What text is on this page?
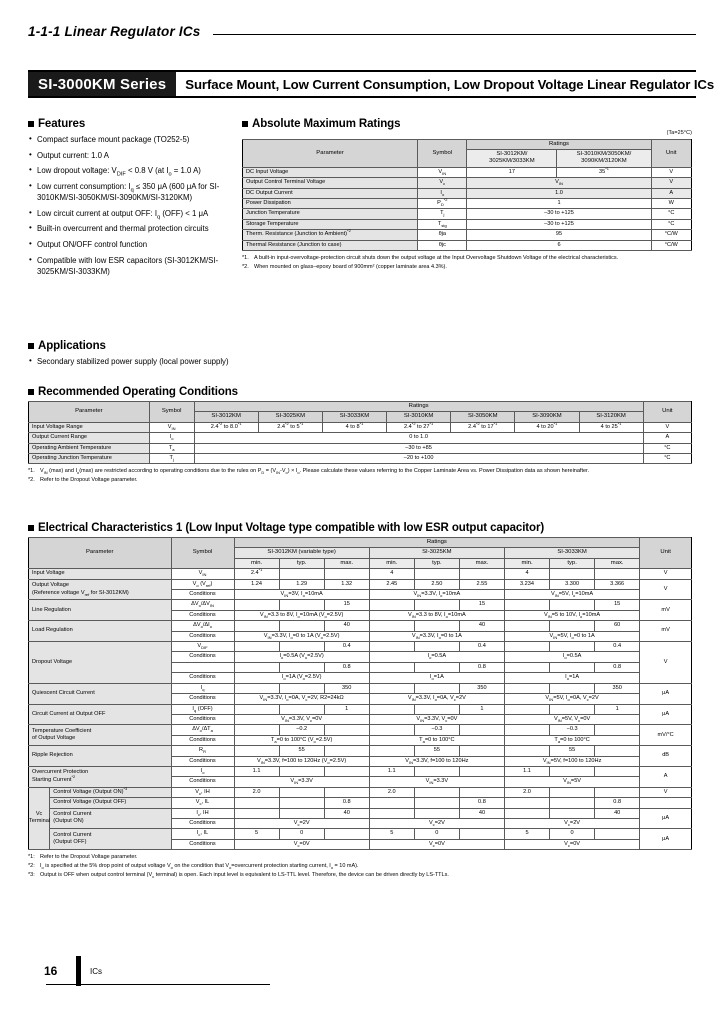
1-1-1 Linear Regulator ICs
SI-3000KM Series	Surface Mount, Low Current Consumption, Low Dropout Voltage Linear Regulator ICs
Features
• Compact surface mount package (TO252-5)
• Output current: 1.0 A
• Low dropout voltage: $V_{DIF} < 0.8$ V (at $I_o = 1.0$ A)
• Low current consumption: $I_q \le 350$ μA (600 μA for SI-3010KM/SI-3050KM/SI-3090KM/SI-3120KM)
• Low circuit current at output OFF: $I_q$ (OFF) < 1 μA
• Built-in overcurrent and thermal protection circuits
• Output ON/OFF control function
• Compatible with low ESR capacitors (SI-3012KM/SI-3025KM/SI-3033KM)
Absolute Maximum Ratings
(Ta=25°C)
Parameter	Symbol	Ratings		Unit
		SI-3012KM/
3025KM/3033KM	SI-3010KM/3050KM/
3090KM/3120KM	
DC Input Voltage	$V_{IN}$	17	35$^{*1}$	V
Output Control Terminal Voltage	$V_c$	$V_{IN}$		V
DC Output Current	$I_o$	1.0		A
Power Dissipation	$P_D^{*2}$	1		W
Junction Temperature	$T_j$	–30 to +125		°C
Storage Temperature	$T_{stg}$	–30 to +125		°C
Therm. Resistance (Junction to Ambient)$^{*2}$	θja	95		°C/W
Thermal Resistance (Junction to case)	θjc	6		°C/W
*1. A built-in input-overvoltage-protection circuit shuts down the output voltage at the Input Overvoltage Shutdown Voltage of the electrical characteristics.
*2. When mounted on glass–epoxy board of 900mm² (copper laminate area 4.3%).
Applications
• Secondary stabilized power supply (local power supply)
Recommended Operating Conditions
Parameter	Symbol	Ratings							Unit
		SI-3012KM	SI-3025KM	SI-3033KM	SI-3010KM	SI-3050KM	SI-3090KM	SI-3120KM	
Input Voltage Range	$V_{IN}$	2.4$^{*2}$ to 8.0$^{*1}$	2.4$^{*2}$ to 5$^{*1}$	4 to 8$^{*1}$	2.4$^{*2}$ to 27$^{*1}$	2.4$^{*2}$ to 17$^{*1}$	4 to 20$^{*1}$	4 to 25$^{*1}$	V
Output Current Range	$I_o$	0 to 1.0							A
Operating Ambient Temperature	$T_a$	–30 to +85							°C
Operating Junction Temperature	$T_j$	–20 to +100							°C
*1. $V_{IN}$ (max) and $I_o(\max)$ are restricted according to operating conditions due to the rules on $P_D = (V_{IN}-V_o) \times I_o$. Please calculate these values referring to the Copper Laminate Area vs. Power Dissipation data as shown hereinafter.
*2. Refer to the Dropout Voltage parameter.
Electrical Characteristics 1 (Low Input Voltage type compatible with low ESR output capacitor)
Parameter		Symbol	Ratings									Unit
			SI-3012KM (variable type)			SI-3025KM			SI-3033KM			
			min.	typ.	max.	min.	typ.	max.	min.	typ.	max.	
Input Voltage		$V_{IN}$	2.4$^{*1}$			4			4			V
Output Voltage
(Reference voltage $V_{ref}$ for SI-3012KM)		$V_o$ $(V_{ref})$	1.24	1.29	1.32	2.45	2.50	2.55	3.234	3.300	3.366	V
		Conditions	$V_{IN}=3V$, $I_o=10mA$			$V_{IN}=3.3V$, $I_o=10mA$			$V_{IN}=5V$, $I_o=10mA$			
Line Regulation		$\Delta V_o/\Delta V_{IN}$			15			15			15	mV
		Conditions	$V_{IN}=3.3$ to 8V, $I_o=10mA$ $(V_o=2.5V)$			$V_{IN}=3.3$ to 8V, $I_o=10mA$			$V_{IN}=5$ to 10V, $I_o=10mA$			
Load Regulation		$\Delta V_o/\Delta I_o$			40			40			60	mV
		Conditions	$V_{IN}=3.3V$, $I_o=0$ to 1A $(V_o=2.5V)$			$V_{IN}=3.3V$, $I_o=0$ to 1A			$V_{IN}=5V$, $I_o=0$ to 1A			
Dropout Voltage		$V_{DIF}$			0.4			0.4			0.4	V
		Conditions	$I_o=0.5A$ $(V_o=2.5V)$			$I_o=0.5A$			$I_o=0.5A$			
					0.8			0.8			0.8	
		Conditions	$I_o=1A$ $(V_o=2.5V)$			$I_o=1A$			$I_o=1A$			
Quiescent Circuit Current		$I_q$			350			350			350	μA
		Conditions	$V_{IN}=3.3V$, $I_o=0A$, $V_c=2V$, R2=24kΩ			$V_{IN}=3.3V$, $I_o=0A$, $V_c=2V$			$V_{IN}=5V$, $I_o=0A$, $V_c=2V$			
Circuit Current at Output OFF		$I_q$ (OFF)			1			1			1	μA
		Conditions	$V_{IN}=3.3V$, $V_c=0V$			$V_{IN}=3.3V$, $V_c=0V$			$V_{IN}=5V$, $V_c=0V$			
Temperature Coefficient
of Output Voltage		$\Delta V_o/\Delta T_a$		−0.2			−0.3			−0.3		mV/°C
		Conditions	$T_a=0$ to 100°C $(V_o=2.5V)$			$T_a=0$ to 100°C			$T_a=0$ to 100°C			
Ripple Rejection		$R_R$		55			55			55		dB
		Conditions	$V_{IN}=3.3V$, f=100 to 120Hz $(V_o=2.5V)$			$V_{IN}=3.3V$, f=100 to 120Hz			$V_{IN}=5V$, f=100 to 120Hz			
Overcurrent Protection
Starting Current$^{*2}$		$I_o$	1.1			1.1			1.1			A
		Conditions	$V_{IN}=3.3V$			$V_{IN}=3.3V$			$V_{IN}=5V$			
Vc
Terminal	Control Voltage (Output ON)$^{*3}$	$V_c$, IH	2.0			2.0			2.0			V
	Control Voltage (Output OFF)	$V_c$, IL			0.8			0.8			0.8	
	Control Current
(Output ON)	$I_c$, IH			40			40			40	μA
		Conditions	$V_c=2V$			$V_c=2V$			$V_c=2V$			
	Control Current
(Output OFF)	$I_c$, IL	5	0		5	0		5	0		μA
		Conditions	$V_c=0V$			$V_c=0V$			$V_c=0V$			
*1: Refer to the Dropout Voltage parameter.
*2: $I_o$ is specified at the 5% drop point of output voltage $V_o$ on the condition that $V_o=overcurrent$ protection starting current, $I_o = 10$ mA).
*3: Output is OFF when output control terminal ($V_c$ terminal) is open. Each input level is equivalent to LS-TTL level. Therefore, the device can be driven directly by LS-TTLs.
16	ICs
